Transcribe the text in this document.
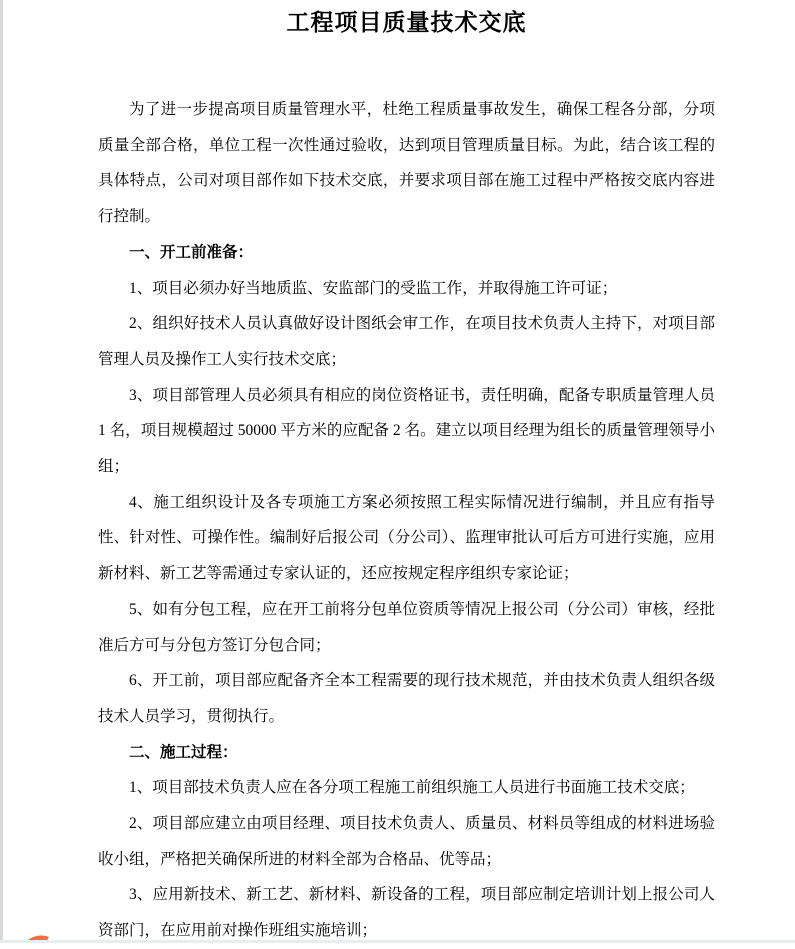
工程项目质量技术交底

为了进一步提高项目质量管理水平，杜绝工程质量事故发生，确保工程各分部，分项质量全部合格，单位工程一次性通过验收，达到项目管理质量目标。为此，结合该工程的具体特点，公司对项目部作如下技术交底，并要求项目部在施工过程中严格按交底内容进行控制。

一、开工前准备：

1、项目必须办好当地质监、安监部门的受监工作，并取得施工许可证；

2、组织好技术人员认真做好设计图纸会审工作，在项目技术负责人主持下，对项目部管理人员及操作工人实行技术交底；

3、项目部管理人员必须具有相应的岗位资格证书，责任明确，配备专职质量管理人员 1 名，项目规模超过 50000 平方米的应配备 2 名。建立以项目经理为组长的质量管理领导小组；

4、施工组织设计及各专项施工方案必须按照工程实际情况进行编制，并且应有指导性、针对性、可操作性。编制好后报公司（分公司）、监理审批认可后方可进行实施，应用新材料、新工艺等需通过专家认证的，还应按规定程序组织专家论证；

5、如有分包工程，应在开工前将分包单位资质等情况上报公司（分公司）审核，经批准后方可与分包方签订分包合同；

6、开工前，项目部应配备齐全本工程需要的现行技术规范，并由技术负责人组织各级技术人员学习，贯彻执行。

二、施工过程：

1、项目部技术负责人应在各分项工程施工前组织施工人员进行书面施工技术交底；

2、项目部应建立由项目经理、项目技术负责人、质量员、材料员等组成的材料进场验收小组，严格把关确保所进的材料全部为合格品、优等品；

3、应用新技术、新工艺、新材料、新设备的工程，项目部应制定培训计划上报公司人资部门，在应用前对操作班组实施培训；
